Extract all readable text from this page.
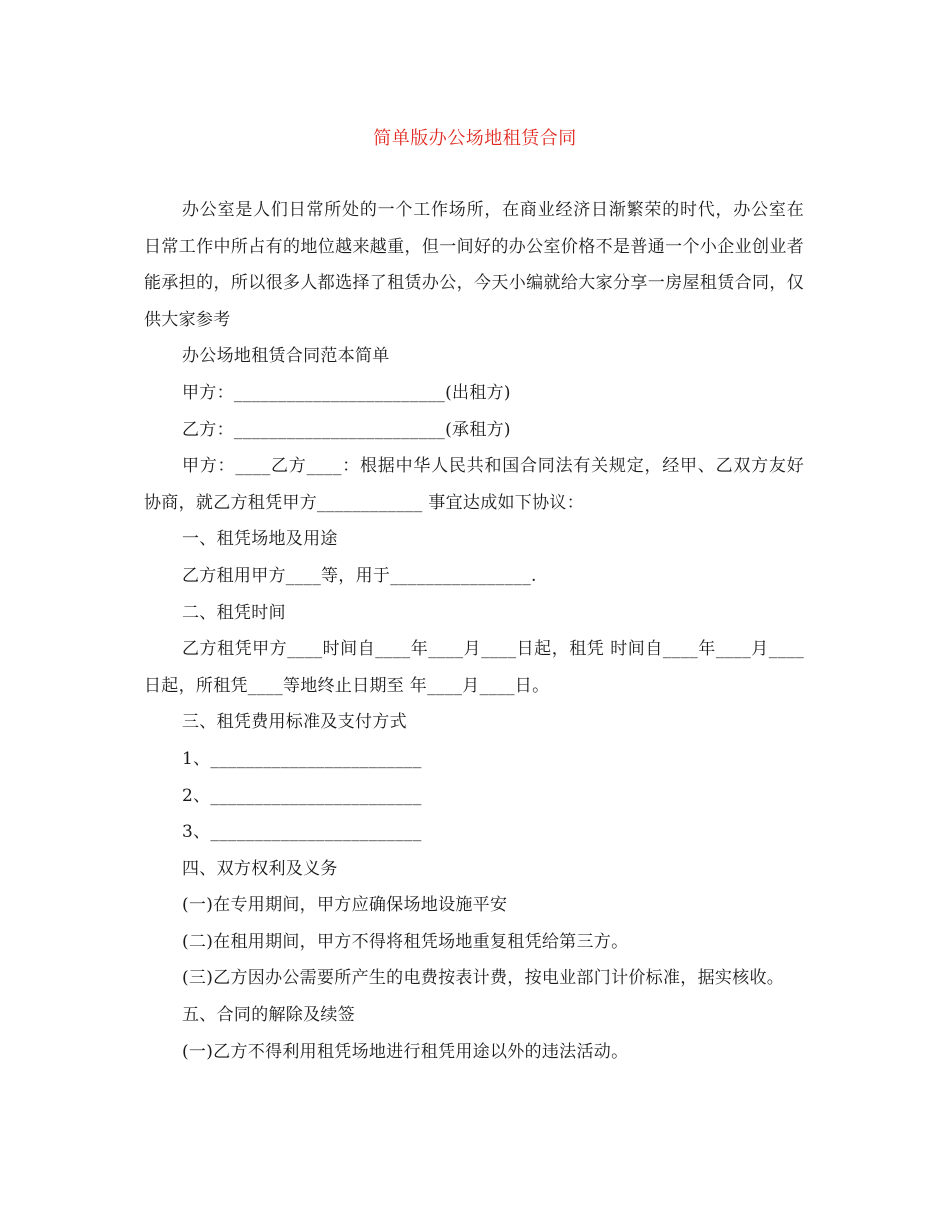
简单版办公场地租赁合同

办公室是人们日常所处的一个工作场所，在商业经济日渐繁荣的时代，办公室在日常工作中所占有的地位越来越重，但一间好的办公室价格不是普通一个小企业创业者能承担的，所以很多人都选择了租赁办公，今天小编就给大家分享一房屋租赁合同，仅供大家参考

办公场地租赁合同范本简单

甲方：________________________(出租方)

乙方：________________________(承租方)

甲方：____乙方____：根据中华人民共和国合同法有关规定，经甲、乙双方友好协商，就乙方租凭甲方____________ 事宜达成如下协议：

一、租凭场地及用途

乙方租用甲方____等，用于________________.

二、租凭时间

乙方租凭甲方____时间自____年____月____日起，租凭 时间自____年____月____日起，所租凭____等地终止日期至 年____月____日。

三、租凭费用标准及支付方式

1、________________________

2、________________________

3、________________________

四、双方权利及义务

(一)在专用期间，甲方应确保场地设施平安

(二)在租用期间，甲方不得将租凭场地重复租凭给第三方。

(三)乙方因办公需要所产生的电费按表计费，按电业部门计价标准，据实核收。

五、合同的解除及续签

(一)乙方不得利用租凭场地进行租凭用途以外的违法活动。
